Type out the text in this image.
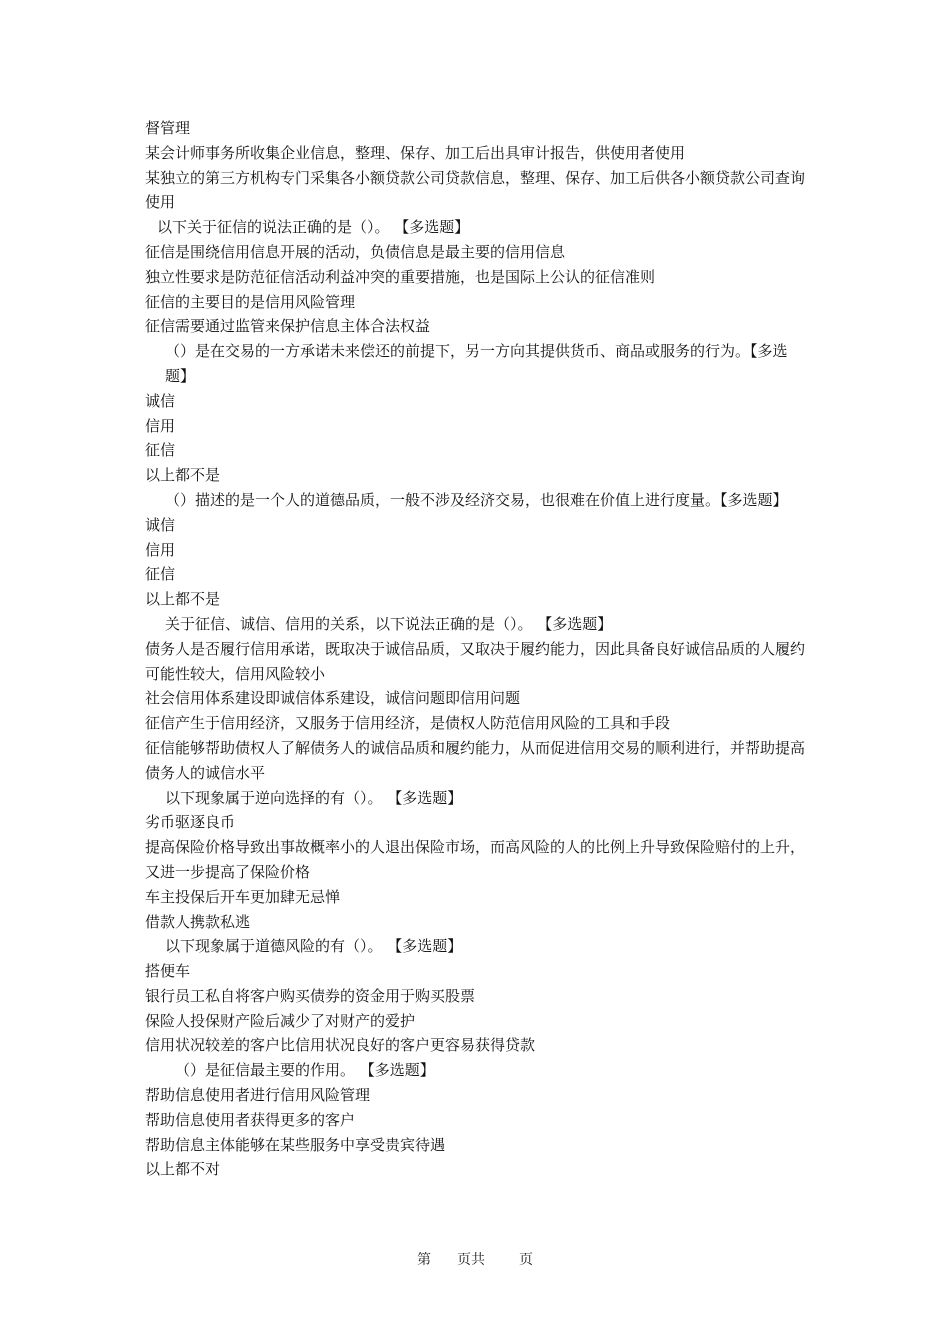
督管理
某会计师事务所收集企业信息，整理、保存、加工后出具审计报告，供使用者使用
某独立的第三方机构专门采集各小额贷款公司贷款信息，整理、保存、加工后供各小额贷款公司查询使用
以下关于征信的说法正确的是（）。 【多选题】
征信是围绕信用信息开展的活动，负债信息是最主要的信用信息
独立性要求是防范征信活动利益冲突的重要措施，也是国际上公认的征信准则
征信的主要目的是信用风险管理
征信需要通过监管来保护信息主体合法权益
（）是在交易的一方承诺未来偿还的前提下，另一方向其提供货币、商品或服务的行为。【多选题】
诚信
信用
征信
以上都不是
（）描述的是一个人的道德品质，一般不涉及经济交易，也很难在价值上进行度量。【多选题】
诚信
信用
征信
以上都不是
关于征信、诚信、信用的关系，以下说法正确的是（）。 【多选题】
债务人是否履行信用承诺，既取决于诚信品质，又取决于履约能力，因此具备良好诚信品质的人履约可能性较大，信用风险较小
社会信用体系建设即诚信体系建设，诚信问题即信用问题
征信产生于信用经济，又服务于信用经济，是债权人防范信用风险的工具和手段
征信能够帮助债权人了解债务人的诚信品质和履约能力，从而促进信用交易的顺利进行，并帮助提高债务人的诚信水平
以下现象属于逆向选择的有（）。 【多选题】
劣币驱逐良币
提高保险价格导致出事故概率小的人退出保险市场，而高风险的人的比例上升导致保险赔付的上升，又进一步提高了保险价格
车主投保后开车更加肆无忌惮
借款人携款私逃
以下现象属于道德风险的有（）。 【多选题】
搭便车
银行员工私自将客户购买债券的资金用于购买股票
保险人投保财产险后减少了对财产的爱护
信用状况较差的客户比信用状况良好的客户更容易获得贷款
（）是征信最主要的作用。 【多选题】
帮助信息使用者进行信用风险管理
帮助信息使用者获得更多的客户
帮助信息主体能够在某些服务中享受贵宾待遇
以上都不对
第 页共 页
